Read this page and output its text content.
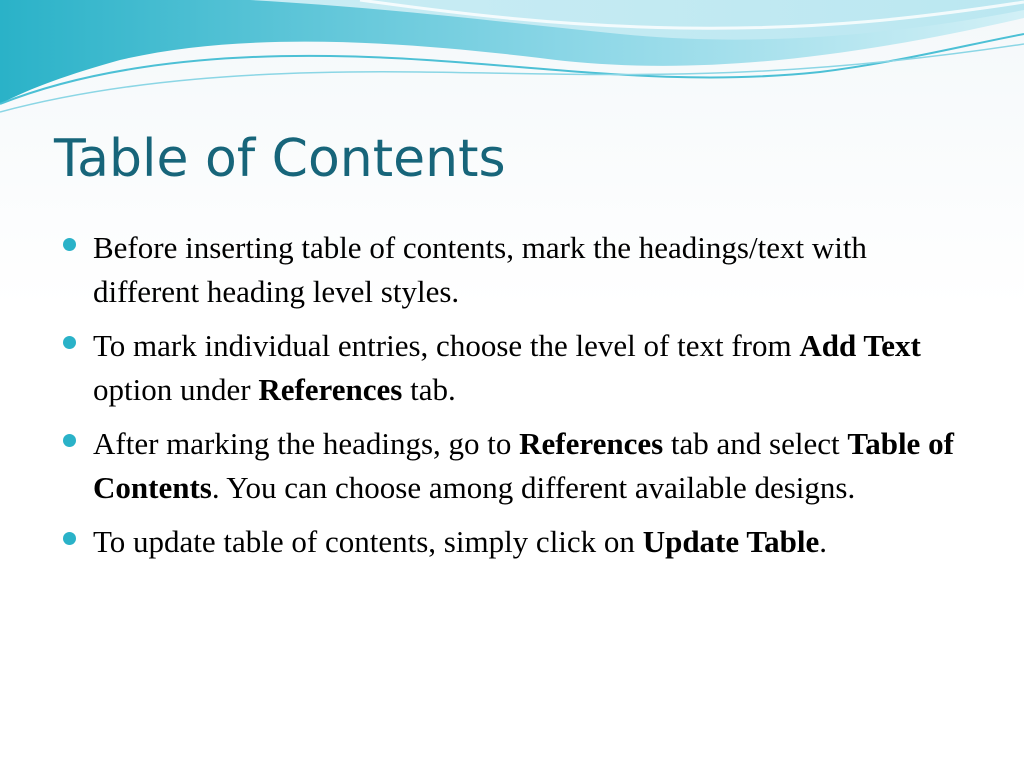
Table of Contents
Before inserting table of contents, mark the headings/text with different heading level styles.
To mark individual entries, choose the level of text from Add Text option under References tab.
After marking the headings, go to References tab and select Table of Contents. You can choose among different available designs.
To update table of contents, simply click on Update Table.
